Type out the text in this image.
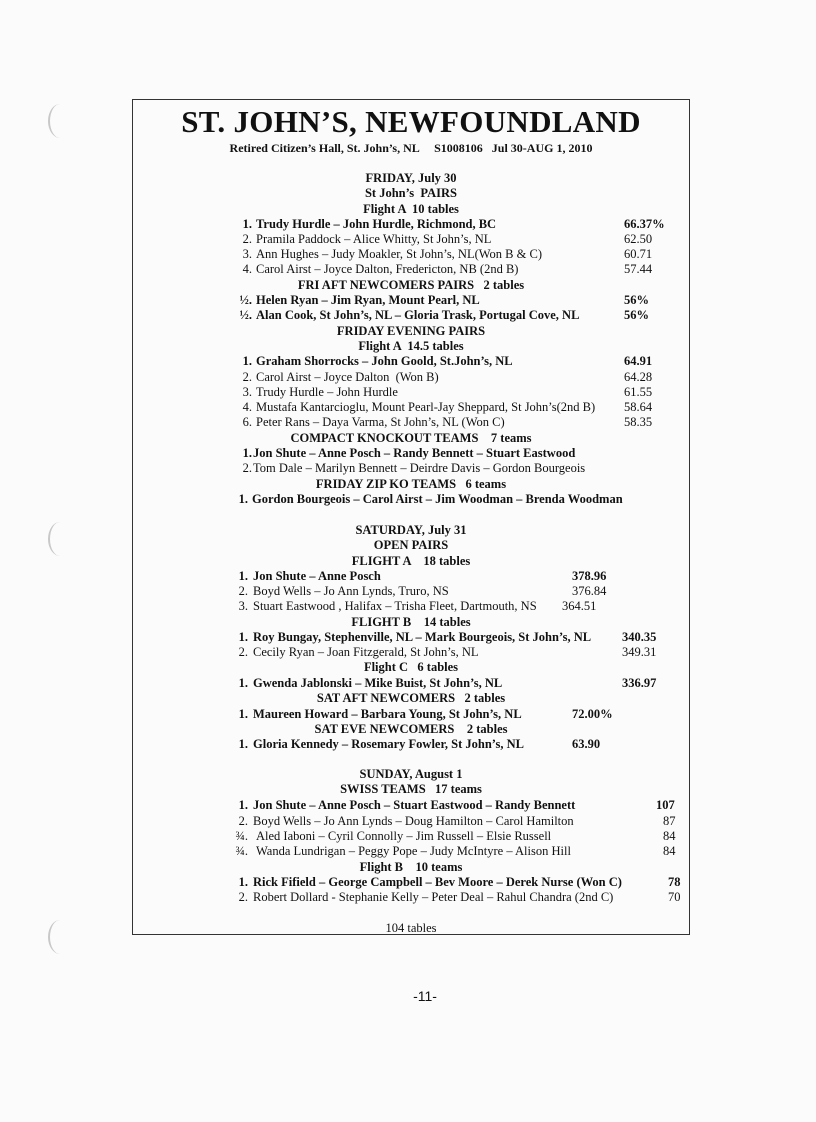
ST. JOHN’S, NEWFOUNDLAND
Retired Citizen’s Hall, St. John’s, NL     S1008106   Jul 30-AUG 1, 2010
FRIDAY, July 30
St John’s  PAIRS
Flight A  10 tables
FRI AFT NEWCOMERS PAIRS   2 tables
FRIDAY EVENING PAIRS
Flight A  14.5 tables
COMPACT KNOCKOUT TEAMS    7 teams
FRIDAY ZIP KO TEAMS   6 teams
SATURDAY, July 31
OPEN PAIRS
FLIGHT A    18 tables
FLIGHT B    14 tables
Flight C   6 tables
SAT AFT NEWCOMERS   2 tables
SAT EVE NEWCOMERS    2 tables
SUNDAY, August 1
SWISS TEAMS   17 teams
Flight B    10 teams
1. Trudy Hurdle – John Hurdle, Richmond, BC	66.37%
2. Pramila Paddock – Alice Whitty, St John’s, NL	62.50
3. Ann Hughes – Judy Moakler, St John’s, NL(Won B & C)	60.71
4. Carol Airst – Joyce Dalton, Fredericton, NB (2nd B)	57.44
½. Helen Ryan – Jim Ryan, Mount Pearl, NL	56%
½. Alan Cook, St John’s, NL – Gloria Trask, Portugal Cove, NL	56%
1. Graham Shorrocks – John Goold, St.John’s, NL	64.91
2. Carol Airst – Joyce Dalton  (Won B)	64.28
3. Trudy Hurdle – John Hurdle	61.55
4. Mustafa Kantarcioglu, Mount Pearl-Jay Sheppard, St John’s(2nd B) 58.64
6. Peter Rans – Daya Varma, St John’s, NL (Won C)	58.35
1. Jon Shute – Anne Posch – Randy Bennett – Stuart Eastwood
2. Tom Dale – Marilyn Bennett – Deirdre Davis – Gordon Bourgeois
1. Gordon Bourgeois – Carol Airst – Jim Woodman – Brenda Woodman
1. Jon Shute – Anne Posch	378.96
2. Boyd Wells – Jo Ann Lynds, Truro, NS	376.84
3. Stuart Eastwood , Halifax – Trisha Fleet, Dartmouth, NS 364.51
1. Roy Bungay, Stephenville, NL – Mark Bourgeois, St John’s, NL 340.35
2. Cecily Ryan – Joan Fitzgerald, St John’s, NL	349.31
1. Gwenda Jablonski – Mike Buist, St John’s, NL	336.97
1. Maureen Howard – Barbara Young, St John’s, NL	72.00%
1. Gloria Kennedy – Rosemary Fowler, St John’s, NL	63.90
1. Jon Shute – Anne Posch – Stuart Eastwood – Randy Bennett	107
2. Boyd Wells – Jo Ann Lynds – Doug Hamilton – Carol Hamilton	87
¾. Aled Iaboni – Cyril Connolly – Jim Russell – Elsie Russell	84
¾. Wanda Lundrigan – Peggy Pope – Judy McIntyre – Alison Hill	84
1. Rick Fifield – George Campbell – Bev Moore – Derek Nurse (Won C)	78
2. Robert Dollard - Stephanie Kelly – Peter Deal – Rahul Chandra (2nd C)	70
104 tables
-11-
